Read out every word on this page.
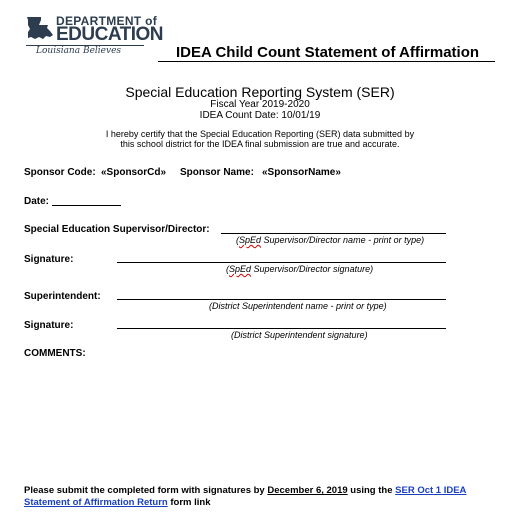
DEPARTMENT of
EDUCATION
Louisiana Believes	IDEA Child Count Statement of Affirmation
Special Education Reporting System (SER)
Fiscal Year 2019-2020
IDEA Count Date: 10/01/19
I hereby certify that the Special Education Reporting (SER) data submitted by
this school district for the IDEA final submission are true and accurate.
Sponsor Code: «SponsorCd» Sponsor Name: «SponsorName»
Date:
Special Education Supervisor/Director:
(SpEd Supervisor/Director name - print or type)
Signature:
(SpEd Supervisor/Director signature)
Superintendent:
(District Superintendent name - print or type)
Signature:
(District Superintendent signature)
COMMENTS:
Please submit the completed form with signatures by December 6, 2019 using the SER Oct 1 IDEA Statement of Affirmation Return form link
